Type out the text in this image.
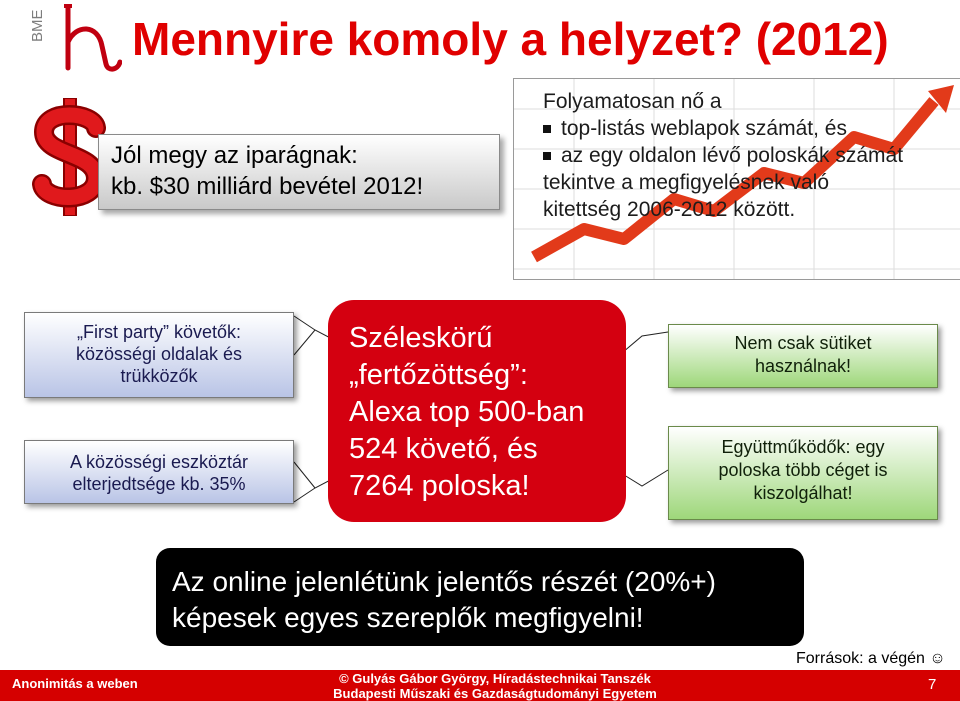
BME Mennyire komoly a helyzet? (2012)
Jól megy az iparágnak:
kb. $30 milliárd bevétel 2012!
Folyamatosan nő a
top-listás weblapok számát, és
az egy oldalon lévő poloskák számát
tekintve a megfigyelésnek való
kitettség 2006-2012 között.
„First party” követők:
közösségi oldalak és
trükközők
A közösségi eszköztár
elterjedtsége kb. 35%
Széleskörű
„fertőzöttség”:
Alexa top 500-ban
524 követő, és
7264 poloska!
Nem csak sütiket
használnak!
Együttműködők: egy
poloska több céget is
kiszolgálhat!
Az online jelenlétünk jelentős részét (20%+)
képesek egyes szereplők megfigyelni!
Források: a végén ☺
Anonimitás a weben	© Gulyás Gábor György, Híradástechnikai Tanszék
Budapesti Műszaki és Gazdaságtudományi Egyetem
7
